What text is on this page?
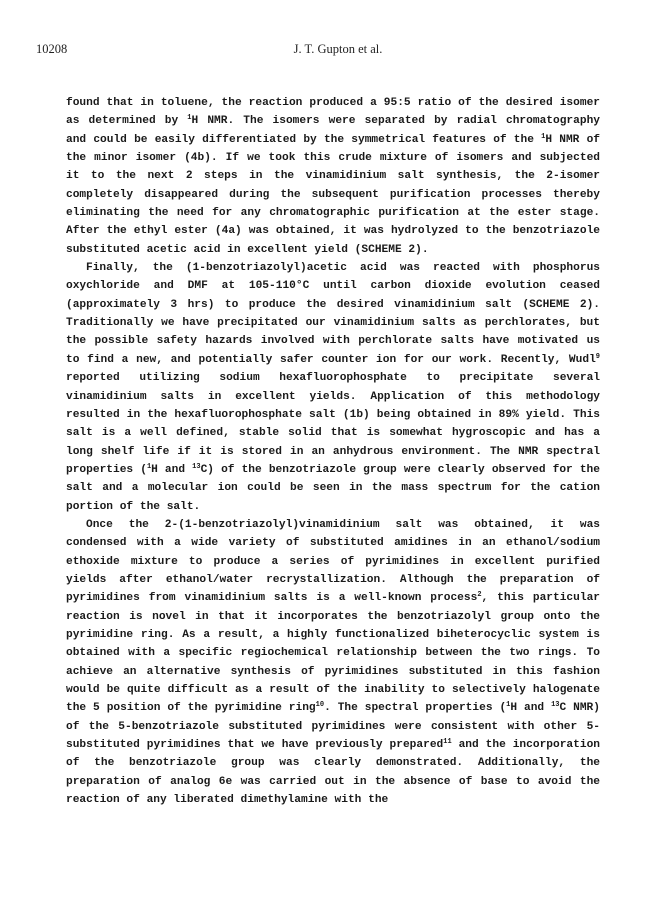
10208	J. T. Gupton et al.

found that in toluene, the reaction produced a 95:5 ratio of the desired isomer as determined by $^1$H NMR. The isomers were separated by radial chromatography and could be easily differentiated by the symmetrical features of the $^1$H NMR of the minor isomer (4b). If we took this crude mixture of isomers and subjected it to the next 2 steps in the vinamidinium salt synthesis, the 2-isomer completely disappeared during the subsequent purification processes thereby eliminating the need for any chromatographic purification at the ester stage. After the ethyl ester (4a) was obtained, it was hydrolyzed to the benzotriazole substituted acetic acid in excellent yield (SCHEME 2).

Finally, the (1-benzotriazolyl)acetic acid was reacted with phosphorus oxychloride and DMF at 105-110°C until carbon dioxide evolution ceased (approximately 3 hrs) to produce the desired vinamidinium salt (SCHEME 2). Traditionally we have precipitated our vinamidinium salts as perchlorates, but the possible safety hazards involved with perchlorate salts have motivated us to find a new, and potentially safer counter ion for our work. Recently, Wudl$^9$ reported utilizing sodium hexafluorophosphate to precipitate several vinamidinium salts in excellent yields. Application of this methodology resulted in the hexafluorophosphate salt (1b) being obtained in 89% yield. This salt is a well defined, stable solid that is somewhat hygroscopic and has a long shelf life if it is stored in an anhydrous environment. The NMR spectral properties ($^1$H and $^{13}$C) of the benzotriazole group were clearly observed for the salt and a molecular ion could be seen in the mass spectrum for the cation portion of the salt.

Once the 2-(1-benzotriazolyl)vinamidinium salt was obtained, it was condensed with a wide variety of substituted amidines in an ethanol/sodium ethoxide mixture to produce a series of pyrimidines in excellent purified yields after ethanol/water recrystallization. Although the preparation of pyrimidines from vinamidinium salts is a well-known process$^2$, this particular reaction is novel in that it incorporates the benzotriazolyl group onto the pyrimidine ring. As a result, a highly functionalized biheterocyclic system is obtained with a specific regiochemical relationship between the two rings. To achieve an alternative synthesis of pyrimidines substituted in this fashion would be quite difficult as a result of the inability to selectively halogenate the 5 position of the pyrimidine ring$^{10}$. The spectral properties ($^1$H and $^{13}$C NMR) of the 5-benzotriazole substituted pyrimidines were consistent with other 5-substituted pyrimidines that we have previously prepared$^{11}$ and the incorporation of the benzotriazole group was clearly demonstrated. Additionally, the preparation of analog 6e was carried out in the absence of base to avoid the reaction of any liberated dimethylamine with the
